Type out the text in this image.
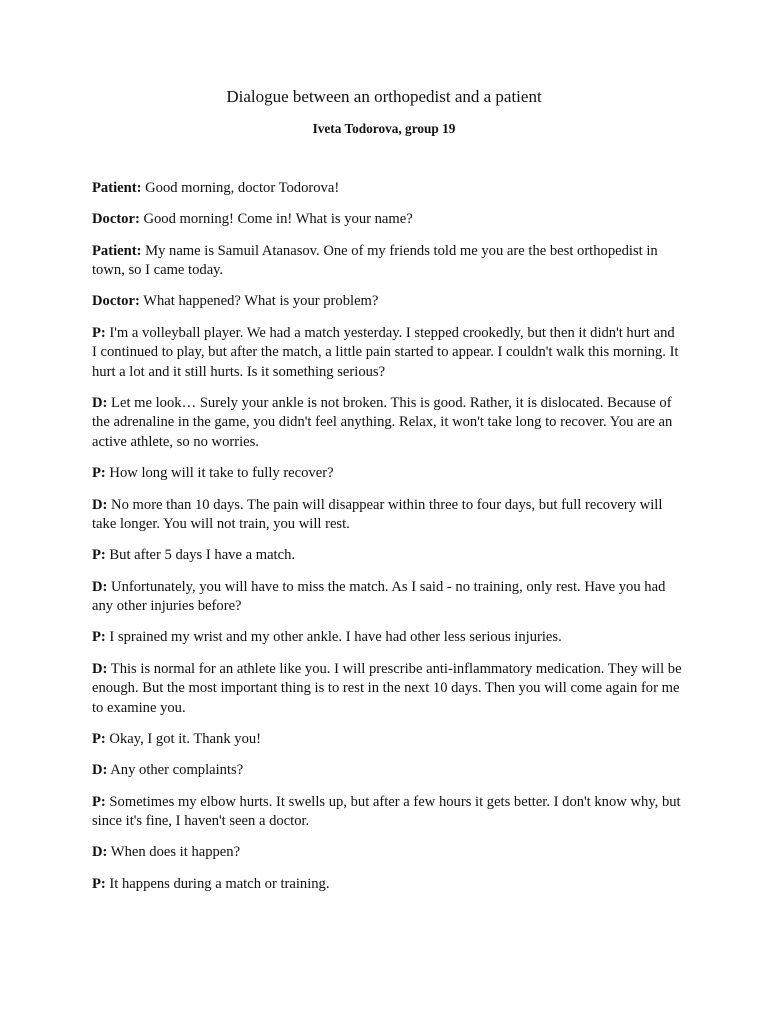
Dialogue between an orthopedist and a patient
Iveta Todorova, group 19

Patient: Good morning, doctor Todorova!

Doctor: Good morning! Come in! What is your name?

Patient: My name is Samuil Atanasov. One of my friends told me you are the best orthopedist in town, so I came today.

Doctor: What happened? What is your problem?

P: I'm a volleyball player. We had a match yesterday. I stepped crookedly, but then it didn't hurt and I continued to play, but after the match, a little pain started to appear. I couldn't walk this morning. It hurt a lot and it still hurts. Is it something serious?

D: Let me look… Surely your ankle is not broken. This is good. Rather, it is dislocated. Because of the adrenaline in the game, you didn't feel anything. Relax, it won't take long to recover. You are an active athlete, so no worries.

P: How long will it take to fully recover?

D: No more than 10 days. The pain will disappear within three to four days, but full recovery will take longer. You will not train, you will rest.

P: But after 5 days I have a match.

D: Unfortunately, you will have to miss the match. As I said - no training, only rest. Have you had any other injuries before?

P: I sprained my wrist and my other ankle. I have had other less serious injuries.

D: This is normal for an athlete like you. I will prescribe anti-inflammatory medication. They will be enough. But the most important thing is to rest in the next 10 days. Then you will come again for me to examine you.

P: Okay, I got it. Thank you!

D: Any other complaints?

P: Sometimes my elbow hurts. It swells up, but after a few hours it gets better. I don't know why, but since it's fine, I haven't seen a doctor.

D: When does it happen?

P: It happens during a match or training.
